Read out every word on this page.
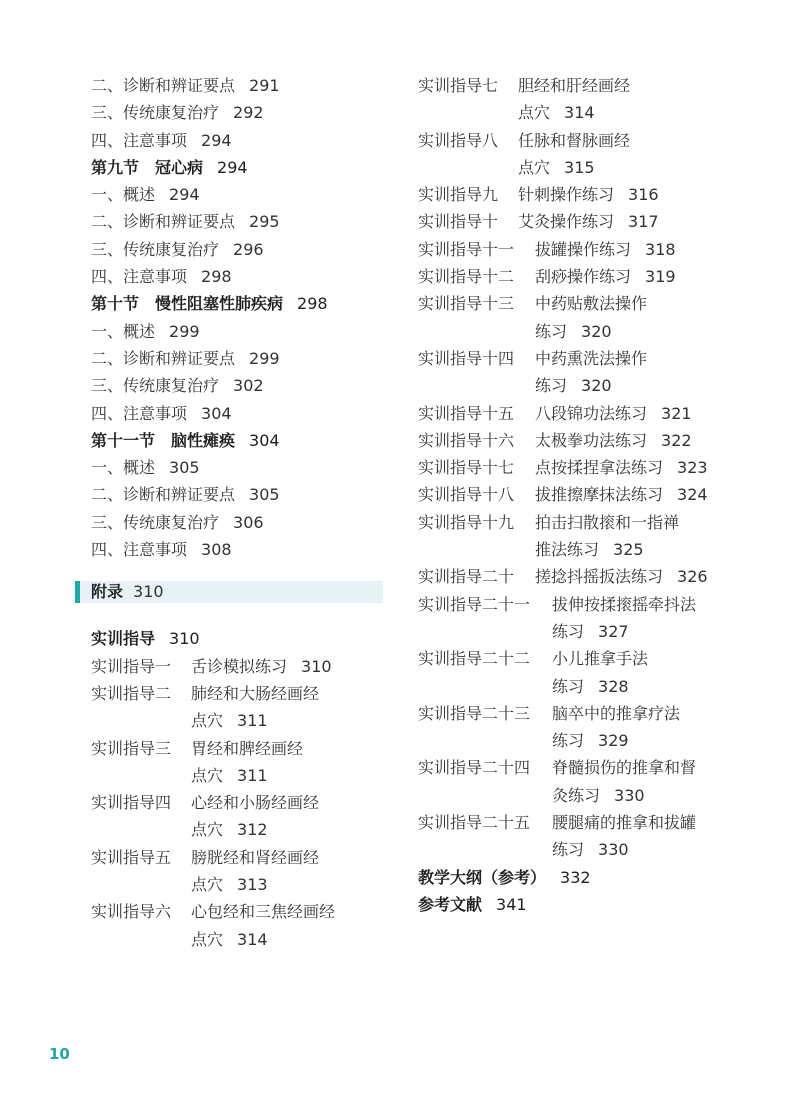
二、诊断和辨证要点 291
三、传统康复治疗 292
四、注意事项 294
第九节　冠心病 294
一、概述 294
二、诊断和辨证要点 295
三、传统康复治疗 296
四、注意事项 298
第十节　慢性阻塞性肺疾病 298
一、概述 299
二、诊断和辨证要点 299
三、传统康复治疗 302
四、注意事项 304
第十一节　脑性瘫痪 304
一、概述 305
二、诊断和辨证要点 305
三、传统康复治疗 306
四、注意事项 308
附录 310
实训指导 310
实训指导一 舌诊模拟练习 310
实训指导二 肺经和大肠经画经
点穴 311
实训指导三 胃经和脾经画经
点穴 311
实训指导四 心经和小肠经画经
点穴 312
实训指导五 膀胱经和肾经画经
点穴 313
实训指导六 心包经和三焦经画经
点穴 314
实训指导七 胆经和肝经画经
点穴 314
实训指导八 任脉和督脉画经
点穴 315
实训指导九 针刺操作练习 316
实训指导十 艾灸操作练习 317
实训指导十一 拔罐操作练习 318
实训指导十二 刮痧操作练习 319
实训指导十三 中药贴敷法操作
练习 320
实训指导十四 中药熏洗法操作
练习 320
实训指导十五 八段锦功法练习 321
实训指导十六 太极拳功法练习 322
实训指导十七 点按揉捏拿法练习 323
实训指导十八 拔推擦摩抹法练习 324
实训指导十九 拍击扫散㨰和一指禅
推法练习 325
实训指导二十 搓捻抖摇扳法练习 326
实训指导二十一 拔伸按揉㨰摇牵抖法
练习 327
实训指导二十二 小儿推拿手法
练习 328
实训指导二十三 脑卒中的推拿疗法
练习 329
实训指导二十四 脊髓损伤的推拿和督
灸练习 330
实训指导二十五 腰腿痛的推拿和拔罐
练习 330
教学大纲（参考） 332
参考文献 341
10
